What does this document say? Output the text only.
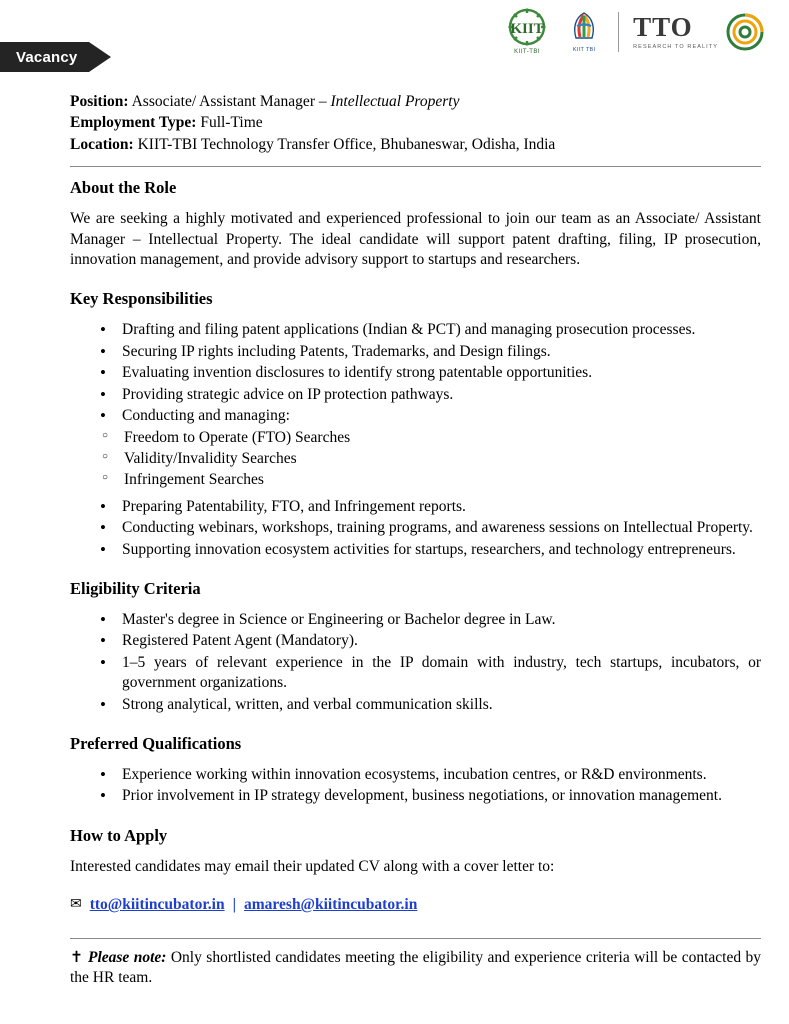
Vacancy
KIIT
KIIT-TBI	KIIT TBI
TTO
RESEARCH TO REALITY
Position: Associate/ Assistant Manager – Intellectual Property
Employment Type: Full-Time
Location: KIIT-TBI Technology Transfer Office, Bhubaneswar, Odisha, India
About the Role

We are seeking a highly motivated and experienced professional to join our team as an Associate/ Assistant Manager – Intellectual Property. The ideal candidate will support patent drafting, filing, IP prosecution, innovation management, and provide advisory support to startups and researchers.

Key Responsibilities
• Drafting and filing patent applications (Indian & PCT) and managing prosecution processes.
• Securing IP rights including Patents, Trademarks, and Design filings.
• Evaluating invention disclosures to identify strong patentable opportunities.
• Providing strategic advice on IP protection pathways.
• Conducting and managing:
○ Freedom to Operate (FTO) Searches
○ Validity/Invalidity Searches
○ Infringement Searches
• Preparing Patentability, FTO, and Infringement reports.
• Conducting webinars, workshops, training programs, and awareness sessions on Intellectual Property.
• Supporting innovation ecosystem activities for startups, researchers, and technology entrepreneurs.
Eligibility Criteria
• Master's degree in Science or Engineering or Bachelor degree in Law.
• Registered Patent Agent (Mandatory).
• 1–5 years of relevant experience in the IP domain with industry, tech startups, incubators, or government organizations.
• Strong analytical, written, and verbal communication skills.
Preferred Qualifications
• Experience working within innovation ecosystems, incubation centres, or R&D environments.
• Prior involvement in IP strategy development, business negotiations, or innovation management.
How to Apply

Interested candidates may email their updated CV along with a cover letter to:

✉ tto@kiitincubator.in | amaresh@kiitincubator.in

✝ Please note: Only shortlisted candidates meeting the eligibility and experience criteria will be contacted by the HR team.
